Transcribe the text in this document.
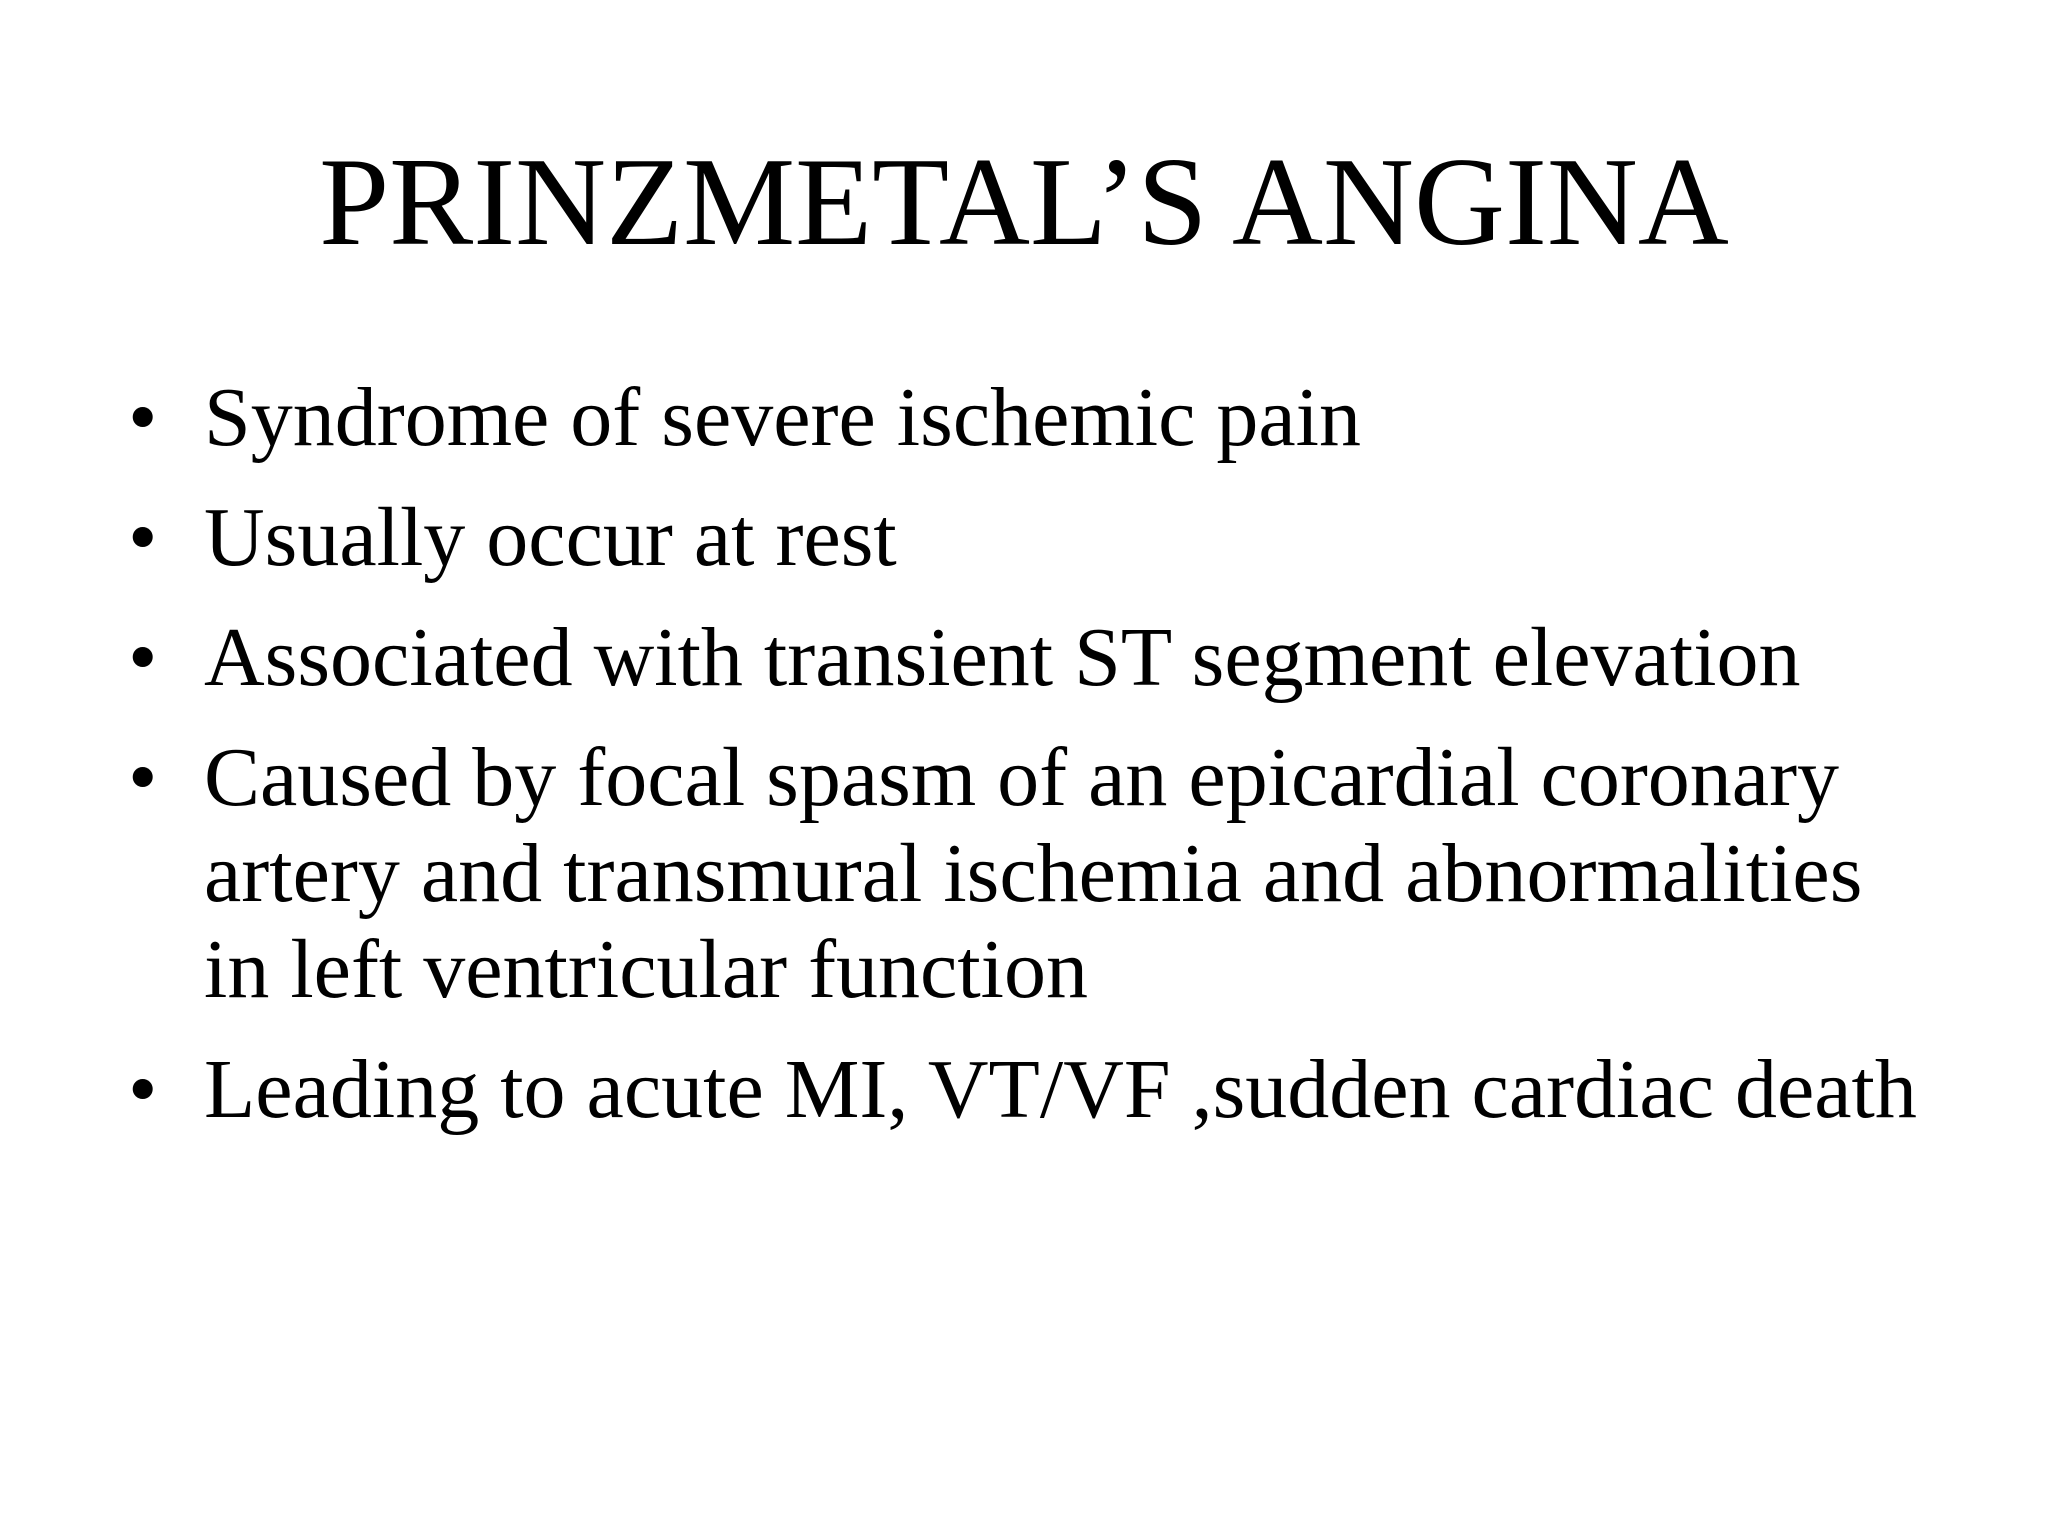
PRINZMETAL’S ANGINA
• Syndrome of severe ischemic pain
• Usually occur at rest
• Associated with transient ST segment elevation
• Caused by focal spasm of an epicardial coronary artery and transmural ischemia and abnormalities in left ventricular function
• Leading to acute MI, VT/VF ,sudden cardiac death
